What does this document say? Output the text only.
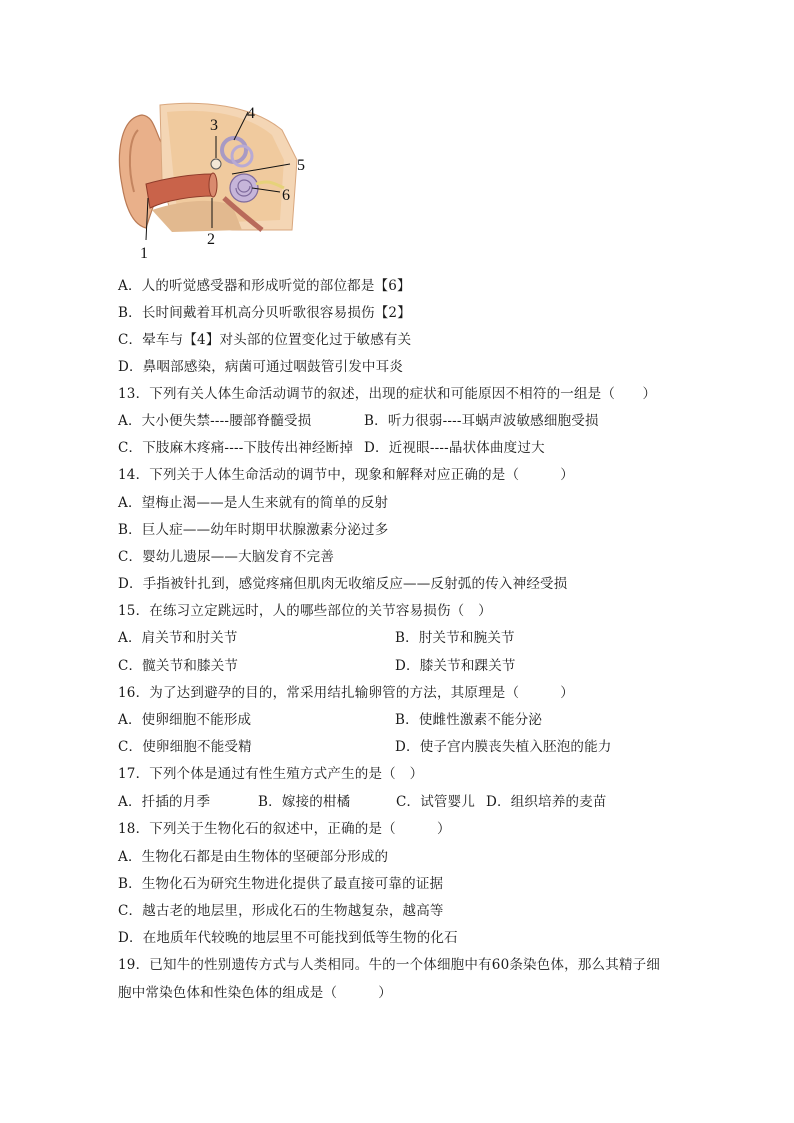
1
2
3
4
5
6
A．人的听觉感受器和形成听觉的部位都是【6】
B．长时间戴着耳机高分贝听歌很容易损伤【2】
C．晕车与【4】对头部的位置变化过于敏感有关
D．鼻咽部感染，病菌可通过咽鼓管引发中耳炎
13．下列有关人体生命活动调节的叙述，出现的症状和可能原因不相符的一组是（　　）
A．大小便失禁----腰部脊髓受损	B．听力很弱----耳蜗声波敏感细胞受损
C．下肢麻木疼痛----下肢传出神经断掉 D．近视眼----晶状体曲度过大
14．下列关于人体生命活动的调节中，现象和解释对应正确的是（　　　）
A．望梅止渴——是人生来就有的简单的反射
B．巨人症——幼年时期甲状腺激素分泌过多
C．婴幼儿遗尿——大脑发育不完善
D．手指被针扎到，感觉疼痛但肌肉无收缩反应——反射弧的传入神经受损
15．在练习立定跳远时，人的哪些部位的关节容易损伤（　）
A．肩关节和肘关节	B．肘关节和腕关节
C．髋关节和膝关节	D．膝关节和踝关节
16．为了达到避孕的目的，常采用结扎输卵管的方法，其原理是（　　　）
A．使卵细胞不能形成	B．使雌性激素不能分泌
C．使卵细胞不能受精	D．使子宫内膜丧失植入胚泡的能力
17．下列个体是通过有性生殖方式产生的是（　）
A．扦插的月季	B．嫁接的柑橘	C．试管婴儿 D．组织培养的麦苗
18．下列关于生物化石的叙述中，正确的是（　　　）
A．生物化石都是由生物体的坚硬部分形成的
B．生物化石为研究生物进化提供了最直接可靠的证据
C．越古老的地层里，形成化石的生物越复杂，越高等
D．在地质年代较晚的地层里不可能找到低等生物的化石
19．已知牛的性别遗传方式与人类相同。牛的一个体细胞中有60条染色体，那么其精子细
胞中常染色体和性染色体的组成是（　　　）
